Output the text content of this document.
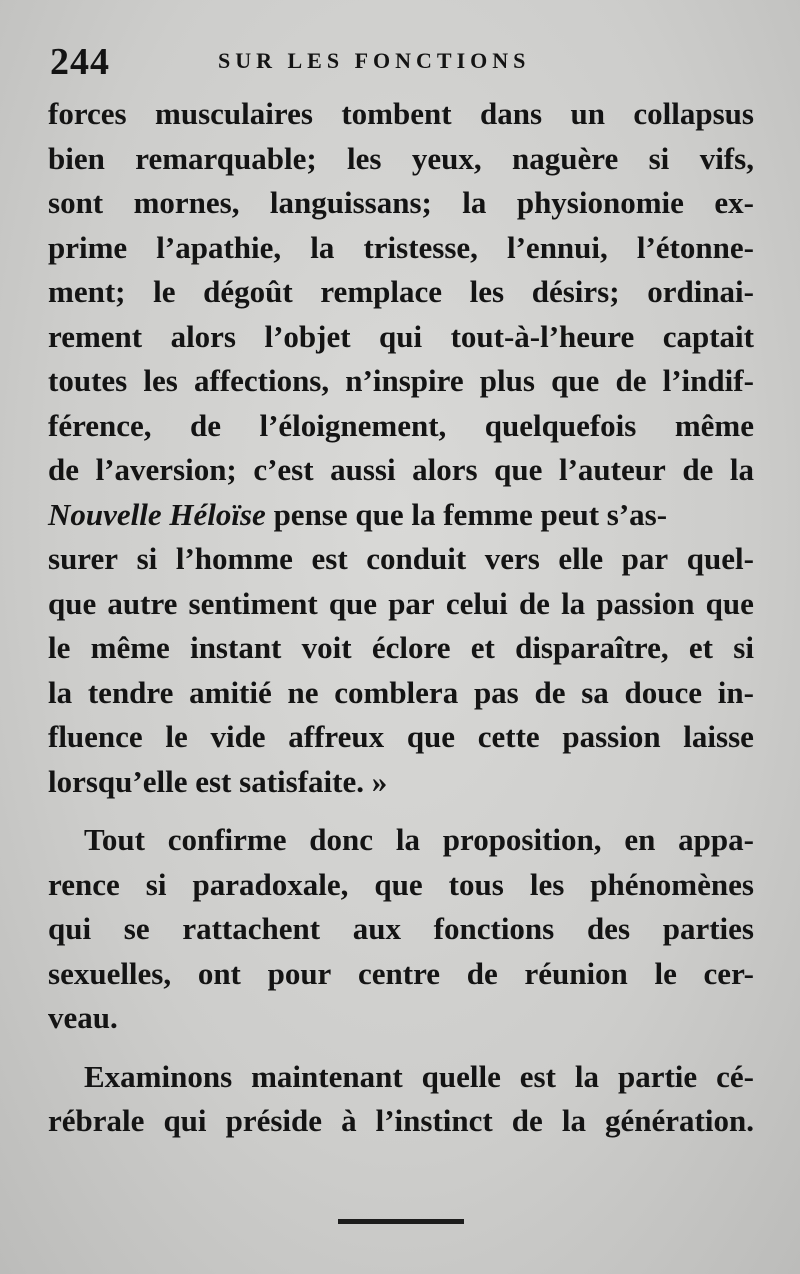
244	SUR LES FONCTIONS
forces musculaires tombent dans un collapsus
bien remarquable; les yeux, naguère si vifs,
sont mornes, languissans; la physionomie ex-
prime l’apathie, la tristesse, l’ennui, l’étonne-
ment; le dégoût remplace les désirs; ordinai-
rement alors l’objet qui tout-à-l’heure captait
toutes les affections, n’inspire plus que de l’indif-
férence, de l’éloignement, quelquefois même
de l’aversion; c’est aussi alors que l’auteur de la
Nouvelle Héloïse pense que la femme peut s’as-
surer si l’homme est conduit vers elle par quel-
que autre sentiment que par celui de la passion que
le même instant voit éclore et disparaître, et si
la tendre amitié ne comblera pas de sa douce in-
fluence le vide affreux que cette passion laisse
lorsqu’elle est satisfaite. »
Tout confirme donc la proposition, en appa-
rence si paradoxale, que tous les phénomènes
qui se rattachent aux fonctions des parties
sexuelles, ont pour centre de réunion le cer-
veau.
Examinons maintenant quelle est la partie cé-
rébrale qui préside à l’instinct de la génération.
